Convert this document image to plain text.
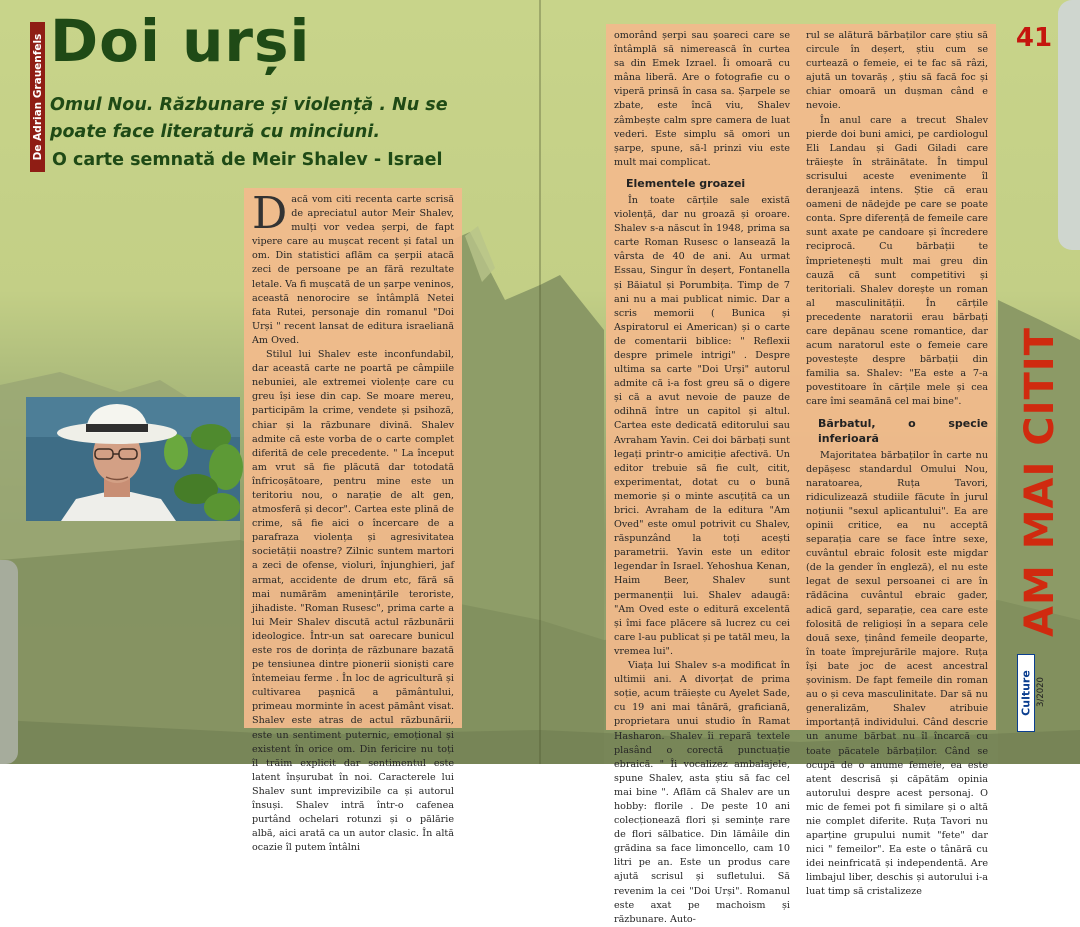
De Adrian Grauenfels Doi urși
Omul Nou. Răzbunare și violență . Nu se poate face literatură cu minciuni.
O carte semnată de Meir Shalev - Israel

Dacă vom citi recenta carte scrisă de apreciatul autor Meir Shalev, mulți vor vedea șerpi, de fapt vipere care au mușcat recent și fatal un om. Din statistici aflăm ca șerpii atacă zeci de persoane pe an fără rezultate letale. Va fi mușcată de un șarpe veninos, această nenorocire se întâmplă Netei fata Rutei, personaje din romanul "Doi Urși " recent lansat de editura israeliană Am Oved.

Stilul lui Shalev este inconfundabil, dar această carte ne poartă pe câmpiile nebuniei, ale extremei violențe care cu greu își iese din cap. Se moare mereu, participăm la crime, vendete și psihoză, chiar și la răzbunare divină. Shalev admite că este vorba de o carte complet diferită de cele precedente. " La început am vrut să fie plăcută dar totodată înfricoșătoare, pentru mine este un teritoriu nou, o narație de alt gen, atmosferă și decor". Cartea este plină de crime, să fie aici o încercare de a parafraza violența și agresivitatea societății noastre? Zilnic suntem martori a zeci de ofense, violuri, înjunghieri, jaf armat, accidente de drum etc, fără să mai numărăm amenințările teroriste, jihadiste. "Roman Rusesc", prima carte a lui Meir Shalev discută actul răzbunării ideologice. Într-un sat oarecare bunicul este ros de dorința de răzbunare bazată pe tensiunea dintre pionerii sioniști care întemeiau ferme . În loc de agricultură și cultivarea pașnică a pământului, primeau morminte în acest pământ visat. Shalev este atras de actul răzbunării, este un sentiment puternic, emoțional și existent în orice om. Din fericire nu toți îl trăim explicit dar sentimentul este latent înșurubat în noi. Caracterele lui Shalev sunt imprevizibile ca și autorul însuși. Shalev intră într-o cafenea purtând ochelari rotunzi și o pălărie albă, aici arată ca un autor clasic. În altă ocazie îl putem întâlni

omorând șerpi sau șoareci care se întâmplă să nimerească în curtea sa din Emek Izrael. Îi omoară cu mâna liberă. Are o fotografie cu o viperă prinsă în casa sa. Șarpele se zbate, este încă viu, Shalev zâmbește calm spre camera de luat vederi. Este simplu să omori un șarpe, spune, să-l prinzi viu este mult mai complicat.

Elementele groazei

În toate cărțile sale există violență, dar nu groază și oroare. Shalev s-a născut în 1948, prima sa carte Roman Rusesc o lansează la vârsta de 40 de ani. Au urmat Essau, Singur în deșert, Fontanella și Băiatul și Porumbița. Timp de 7 ani nu a mai publicat nimic. Dar a scris memorii ( Bunica și Aspiratorul ei American) și o carte de comentarii biblice: " Reflexii despre primele intrigi" . Despre ultima sa carte "Doi Urși" autorul admite că i-a fost greu să o digere și că a avut nevoie de pauze de odihnă între un capitol și altul. Cartea este dedicată editorului sau Avraham Yavin. Cei doi bărbați sunt legați printr-o amiciție afectivă. Un editor trebuie să fie cult, citit, experimentat, dotat cu o bună memorie și o minte ascuțită ca un brici. Avraham de la editura "Am Oved" este omul potrivit cu Shalev, răspunzând la toți acești parametrii. Yavin este un editor legendar în Israel. Yehoshua Kenan, Haim Beer, Shalev sunt permanenții lui. Shalev adaugă: "Am Oved este o editură excelentă și îmi face plăcere să lucrez cu cei care l-au publicat și pe tatăl meu, la vremea lui".

Viața lui Shalev s-a modificat în ultimii ani. A divorțat de prima soție, acum trăiește cu Ayelet Sade, cu 19 ani mai tânără, graficiană, proprietara unui studio în Ramat Hasharon. Shalev îi repară textele plasând o corectă punctuație ebraică. " Îi vocalizez ambalajele, spune Shalev, asta știu să fac cel mai bine ". Aflăm că Shalev are un hobby: florile . De peste 10 ani colecționează flori și semințe rare de flori sălbatice. Din lămâile din grădina sa face limoncello, cam 10 litri pe an. Este un produs care ajută scrisul și sufletului. Să revenim la cei "Doi Urși". Romanul este axat pe machoism și răzbunare. Auto-

rul se alătură bărbaților care știu să circule în deșert, știu cum se curtează o femeie, ei te fac să râzi, ajută un tovarăș , știu să facă foc și chiar omoară un dușman când e nevoie.

În anul care a trecut Shalev pierde doi buni amici, pe cardiologul Eli Landau și Gadi Giladi care trăiește în străinătate. În timpul scrisului aceste evenimente îl deranjează intens. Știe că erau oameni de nădejde pe care se poate conta. Spre diferență de femeile care sunt axate pe candoare și încredere reciprocă. Cu bărbații te împrietenești mult mai greu din cauză că sunt competitivi și teritoriali. Shalev dorește un roman al masculinității. În cărțile precedente naratorii erau bărbați care depănau scene romantice, dar acum naratorul este o femeie care povestește despre bărbații din familia sa. Shalev: "Ea este a 7-a povestitoare în cărțile mele și cea care îmi seamănă cel mai bine".

Bărbatul, o specie inferioară

Majoritatea bărbaților în carte nu depășesc standardul Omului Nou, naratoarea, Ruța Tavori, ridiculizează studiile făcute în jurul noțiunii "sexul aplicantului". Ea are opinii critice, ea nu acceptă separația care se face între sexe, cuvântul ebraic folosit este migdar (de la gender în engleză), el nu este legat de sexul persoanei ci are în rădăcina cuvântul ebraic gader, adică gard, separație, cea care este folosită de religioși în a separa cele două sexe, ținând femeile deoparte, în toate împrejurările majore. Ruța își bate joc de acest ancestral șovinism. De fapt femeile din roman au o și ceva masculinitate. Dar să nu generalizăm, Shalev atribuie importanță individului. Când descrie un anume bărbat nu îl încarcă cu toate păcatele bărbaților. Când se ocupă de o anume femeie, ea este atent descrisă și căpătăm opinia autorului despre acest personaj. O mic de femei pot fi similare și o altă nie complet diferite. Ruța Tavori nu aparține grupului numit "fete" dar nici " femeilor". Ea este o tânără cu idei neinfricată și independentă. Are limbajul liber, deschis și autorului i-a luat timp să cristalizeze

41
AM MAI CITIT
Culture 3/2020
